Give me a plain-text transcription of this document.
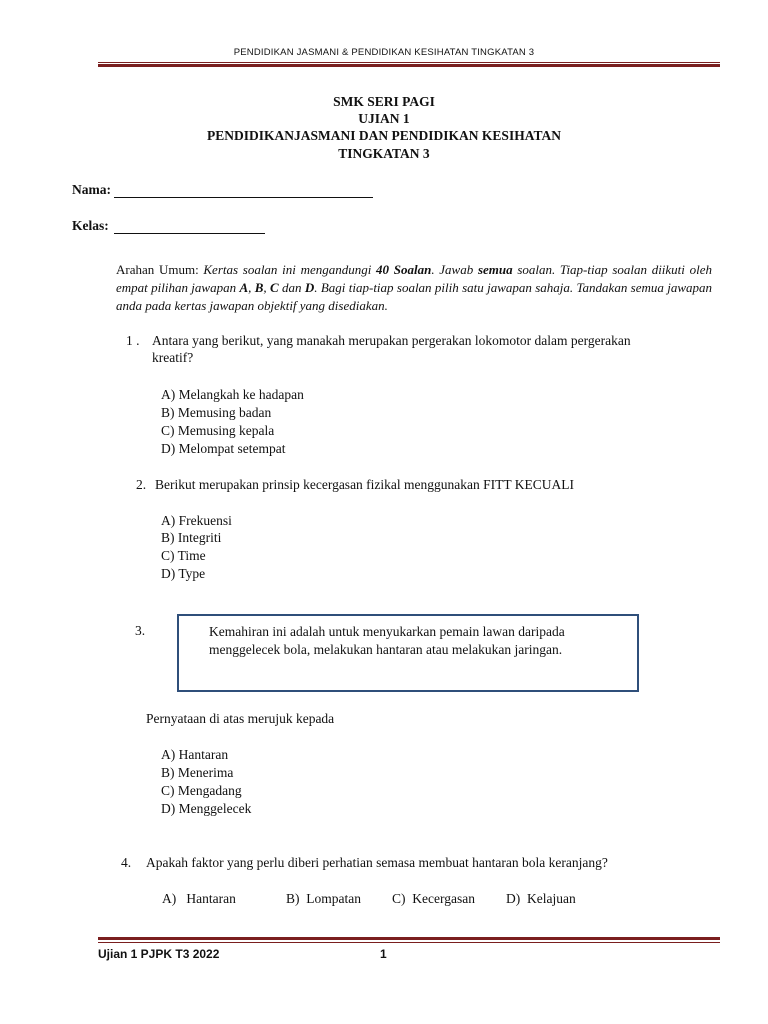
PENDIDIKAN JASMANI & PENDIDIKAN KESIHATAN TINGKATAN 3
SMK SERI PAGI
UJIAN 1
PENDIDIKANJASMANI DAN PENDIDIKAN KESIHATAN
TINGKATAN 3
Nama:
Kelas:
Arahan Umum: Kertas soalan ini mengandungi 40 Soalan. Jawab semua soalan. Tiap-tiap soalan diikuti oleh empat pilihan jawapan A, B, C dan D. Bagi tiap-tiap soalan pilih satu jawapan sahaja. Tandakan semua jawapan anda pada kertas jawapan objektif yang disediakan.
1 . Antara yang berikut, yang manakah merupakan pergerakan lokomotor dalam pergerakan
kreatif?
A) Melangkah ke hadapan
B) Memusing badan
C) Memusing kepala
D) Melompat setempat
2. Berikut merupakan prinsip kecergasan fizikal menggunakan FITT KECUALI
A) Frekuensi
B) Integriti
C) Time
D) Type
3.	Kemahiran ini adalah untuk menyukarkan pemain lawan daripada
menggelecek bola, melakukan hantaran atau melakukan jaringan.
Pernyataan di atas merujuk kepada
A) Hantaran
B) Menerima
C) Mengadang
D) Menggelecek
4. Apakah faktor yang perlu diberi perhatian semasa membuat hantaran bola keranjang?
A)   Hantaran	B)  Lompatan C)  Kecergasan D)  Kelajuan
Ujian 1 PJPK T3 2022	1
